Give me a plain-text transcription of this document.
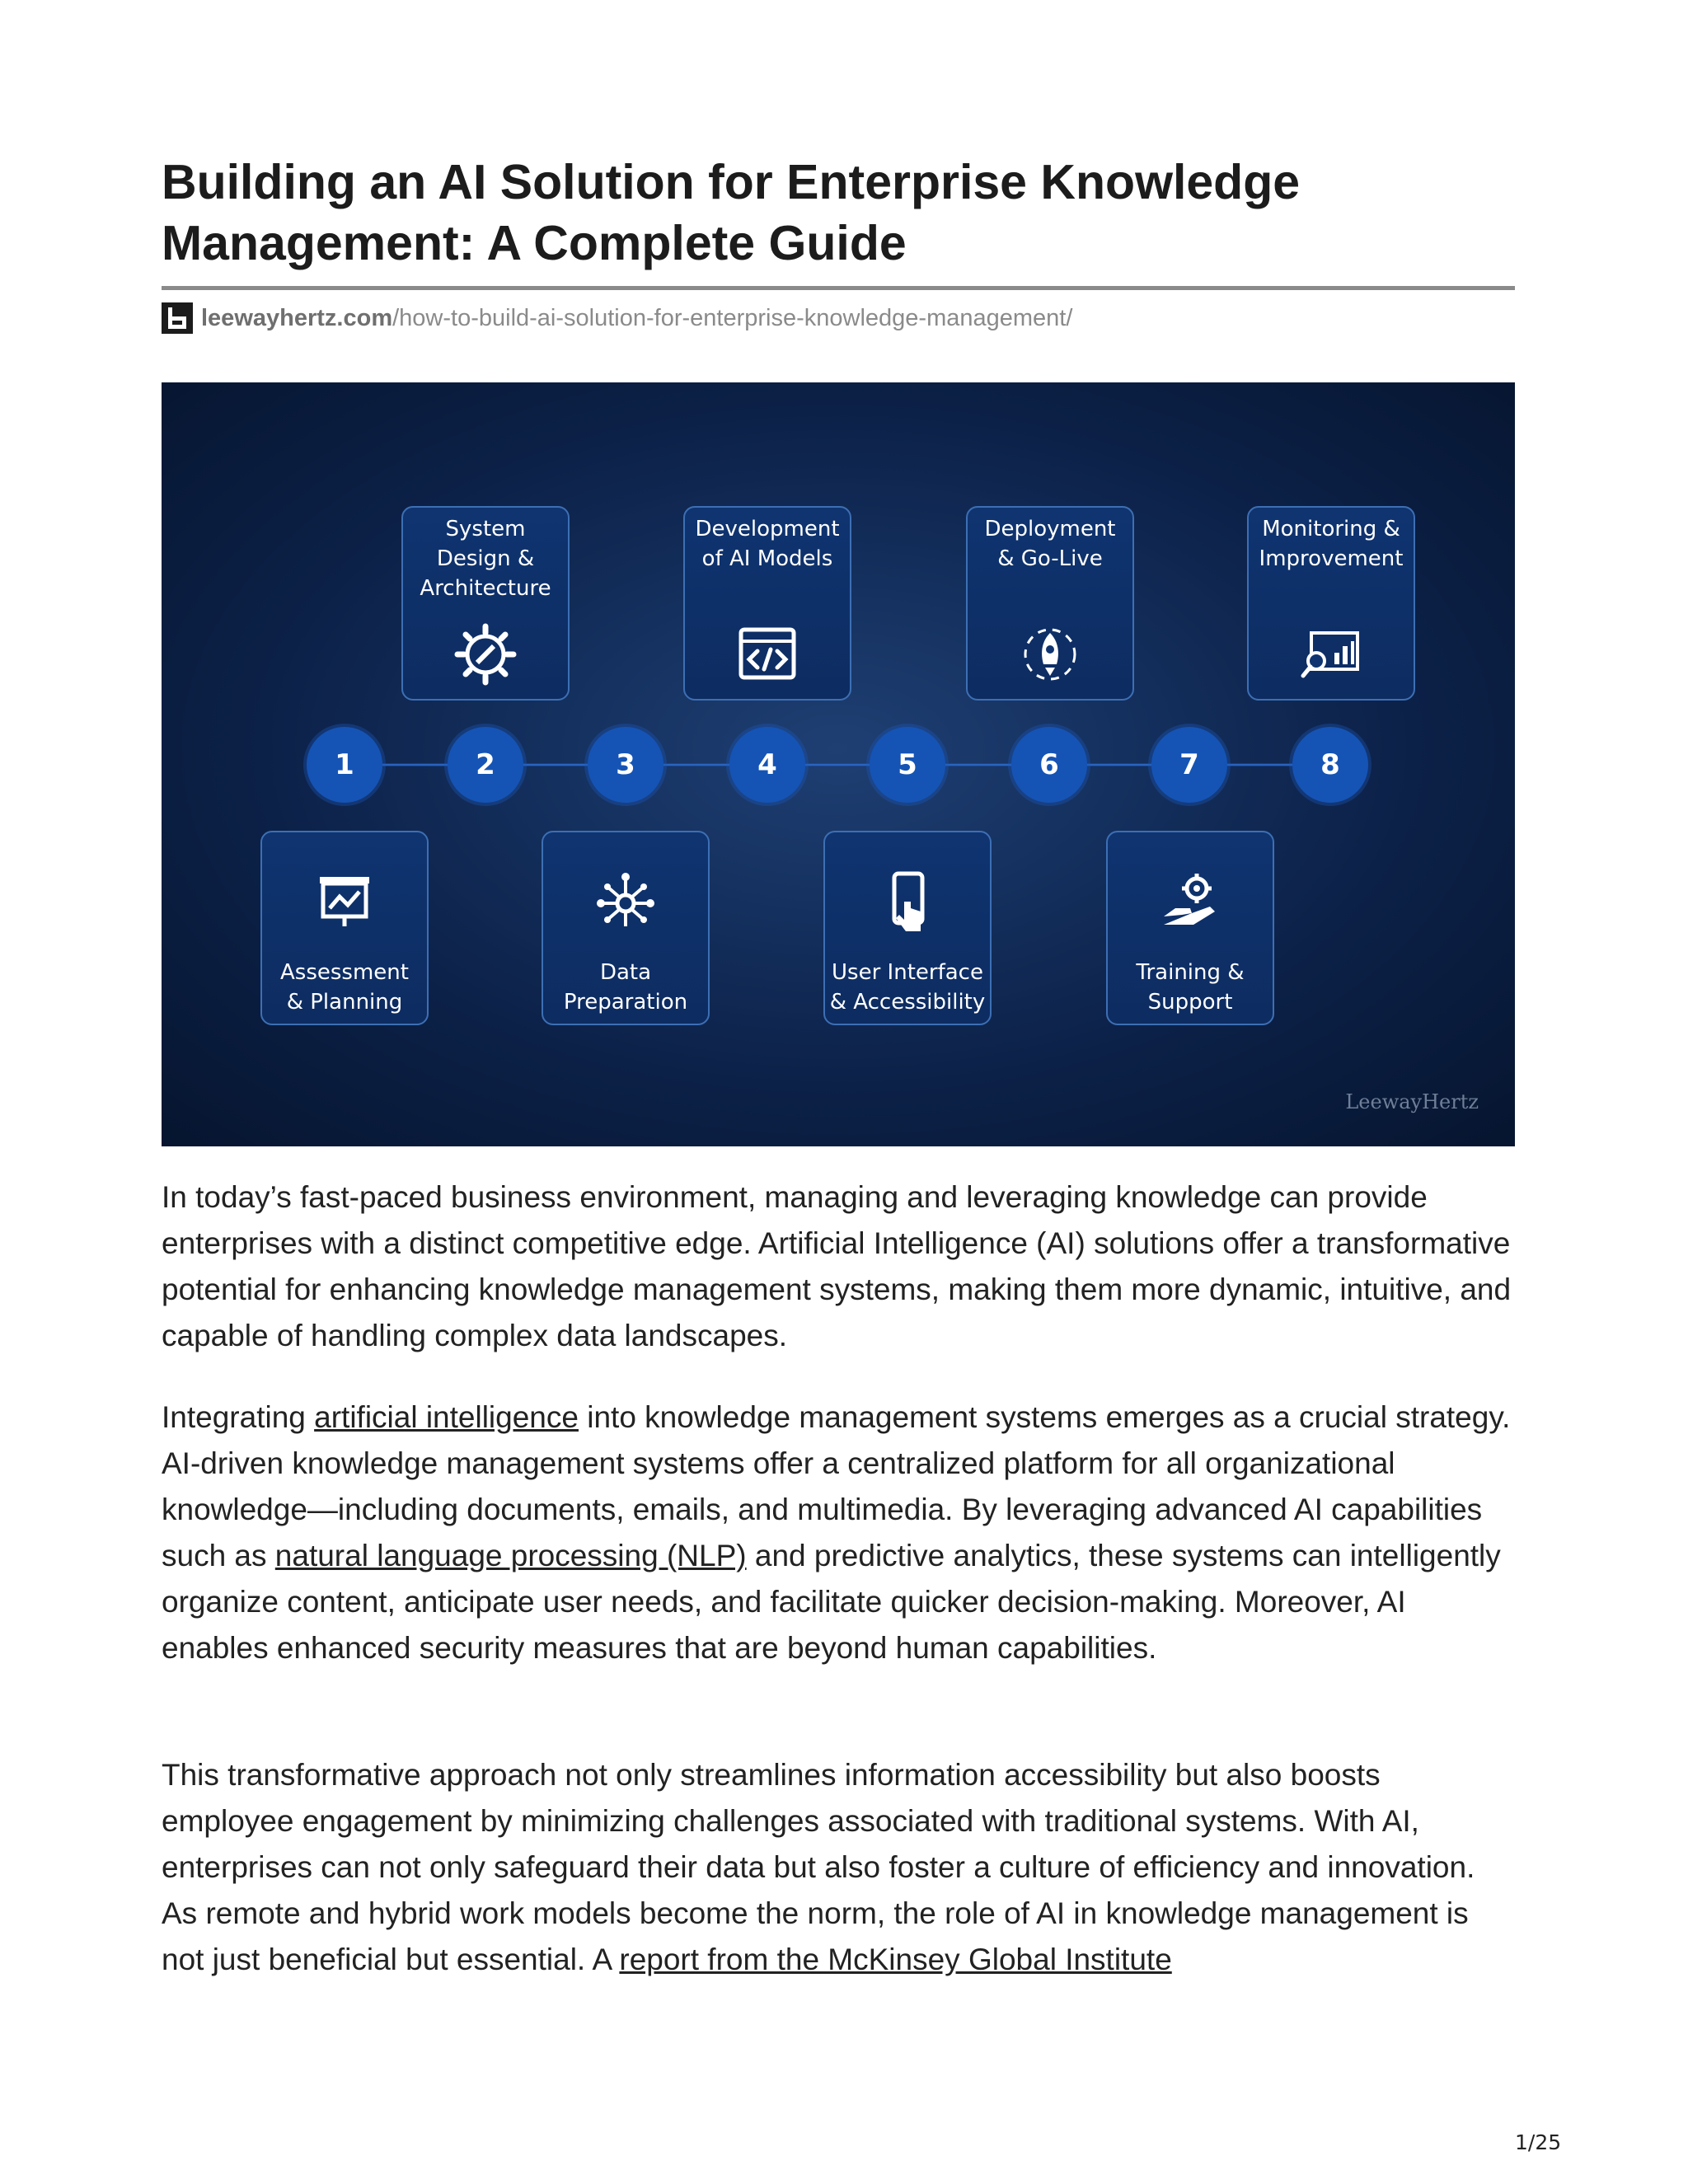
Building an AI Solution for Enterprise Knowledge Management: A Complete Guide
leewayhertz.com /how-to-build-ai-solution-for-enterprise-knowledge-management/
System
Design &
Architecture
Development
of AI Models
Deployment
& Go-Live
Monitoring &
Improvement
Assessment
& Planning
Data
Preparation
User Interface
& Accessibility
Training &
Support
1	2	3	4	5	6	7	8
LeewayHertz

In today’s fast-paced business environment, managing and leveraging knowledge can provide enterprises with a distinct competitive edge. Artificial Intelligence (AI) solutions offer a transformative potential for enhancing knowledge management systems, making them more dynamic, intuitive, and capable of handling complex data landscapes.

Integrating artificial intelligence into knowledge management systems emerges as a crucial strategy. AI-driven knowledge management systems offer a centralized platform for all organizational knowledge—including documents, emails, and multimedia. By leveraging advanced AI capabilities such as natural language processing (NLP) and predictive analytics, these systems can intelligently organize content, anticipate user needs, and facilitate quicker decision-making. Moreover, AI enables enhanced security measures that are beyond human capabilities.

This transformative approach not only streamlines information accessibility but also boosts employee engagement by minimizing challenges associated with traditional systems. With AI, enterprises can not only safeguard their data but also foster a culture of efficiency and innovation. As remote and hybrid work models become the norm, the role of AI in knowledge management is not just beneficial but essential. A report from the McKinsey Global Institute

1/25
